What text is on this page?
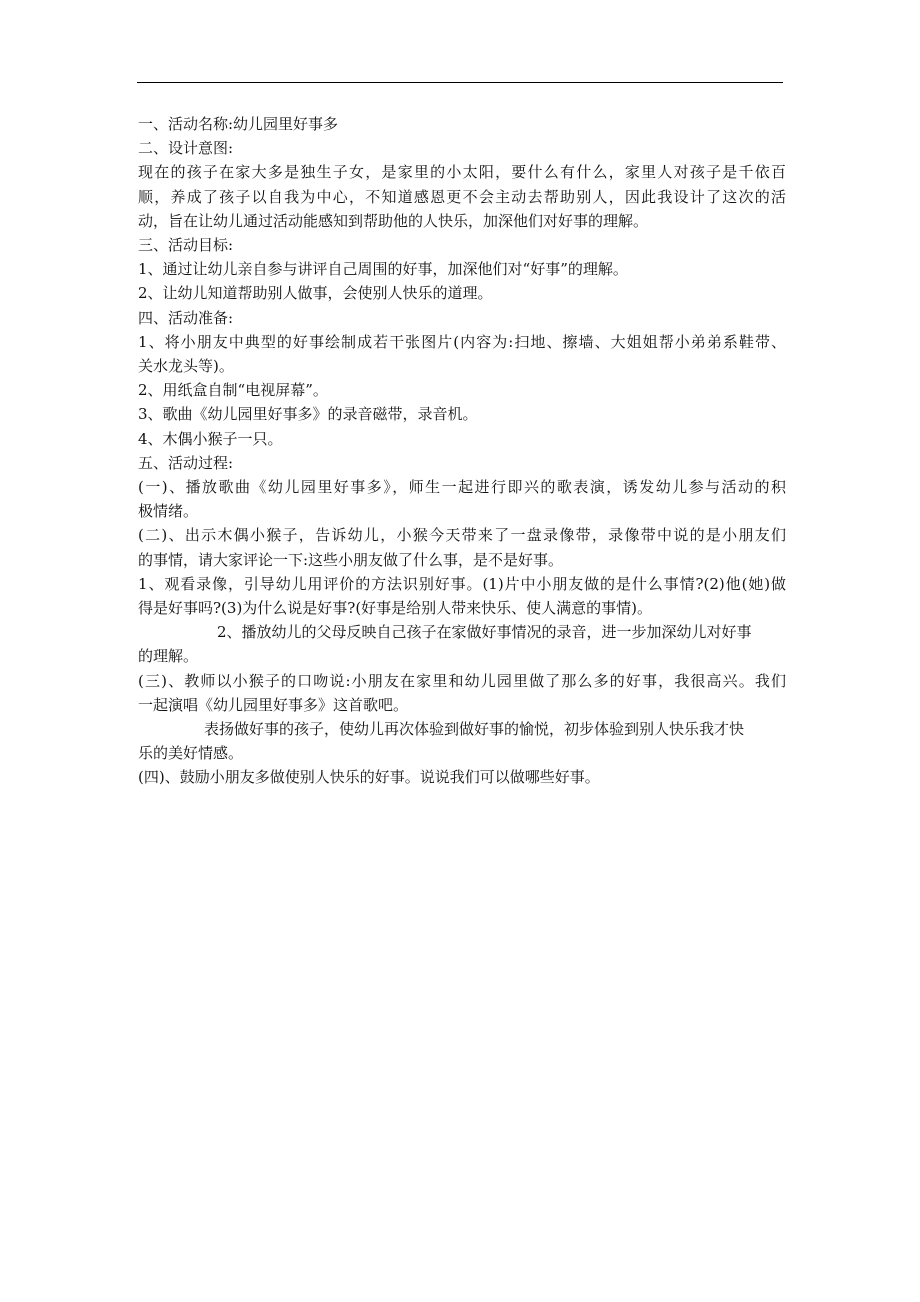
一、活动名称:幼儿园里好事多
二、设计意图:
现在的孩子在家大多是独生子女，是家里的小太阳，要什么有什么，家里人对孩子是千依百
顺，养成了孩子以自我为中心，不知道感恩更不会主动去帮助别人，因此我设计了这次的活
动，旨在让幼儿通过活动能感知到帮助他的人快乐，加深他们对好事的理解。
三、活动目标:
1、通过让幼儿亲自参与讲评自己周围的好事，加深他们对“好事”的理解。
2、让幼儿知道帮助别人做事，会使别人快乐的道理。
四、活动准备:
1、将小朋友中典型的好事绘制成若干张图片(内容为:扫地、擦墙、大姐姐帮小弟弟系鞋带、
关水龙头等)。
2、用纸盒自制“电视屏幕”。
3、歌曲《幼儿园里好事多》的录音磁带，录音机。
4、木偶小猴子一只。
五、活动过程:
(一)、播放歌曲《幼儿园里好事多》，师生一起进行即兴的歌表演，诱发幼儿参与活动的积
极情绪。
(二)、出示木偶小猴子，告诉幼儿，小猴今天带来了一盘录像带，录像带中说的是小朋友们
的事情，请大家评论一下:这些小朋友做了什么事，是不是好事。
1、观看录像，引导幼儿用评价的方法识别好事。(1)片中小朋友做的是什么事情?(2)他(她)做
得是好事吗?(3)为什么说是好事?(好事是给别人带来快乐、使人满意的事情)。
2、播放幼儿的父母反映自己孩子在家做好事情况的录音，进一步加深幼儿对好事
的理解。
(三)、教师以小猴子的口吻说:小朋友在家里和幼儿园里做了那么多的好事，我很高兴。我们
一起演唱《幼儿园里好事多》这首歌吧。
表扬做好事的孩子，使幼儿再次体验到做好事的愉悦，初步体验到别人快乐我才快
乐的美好情感。
(四)、鼓励小朋友多做使别人快乐的好事。说说我们可以做哪些好事。
